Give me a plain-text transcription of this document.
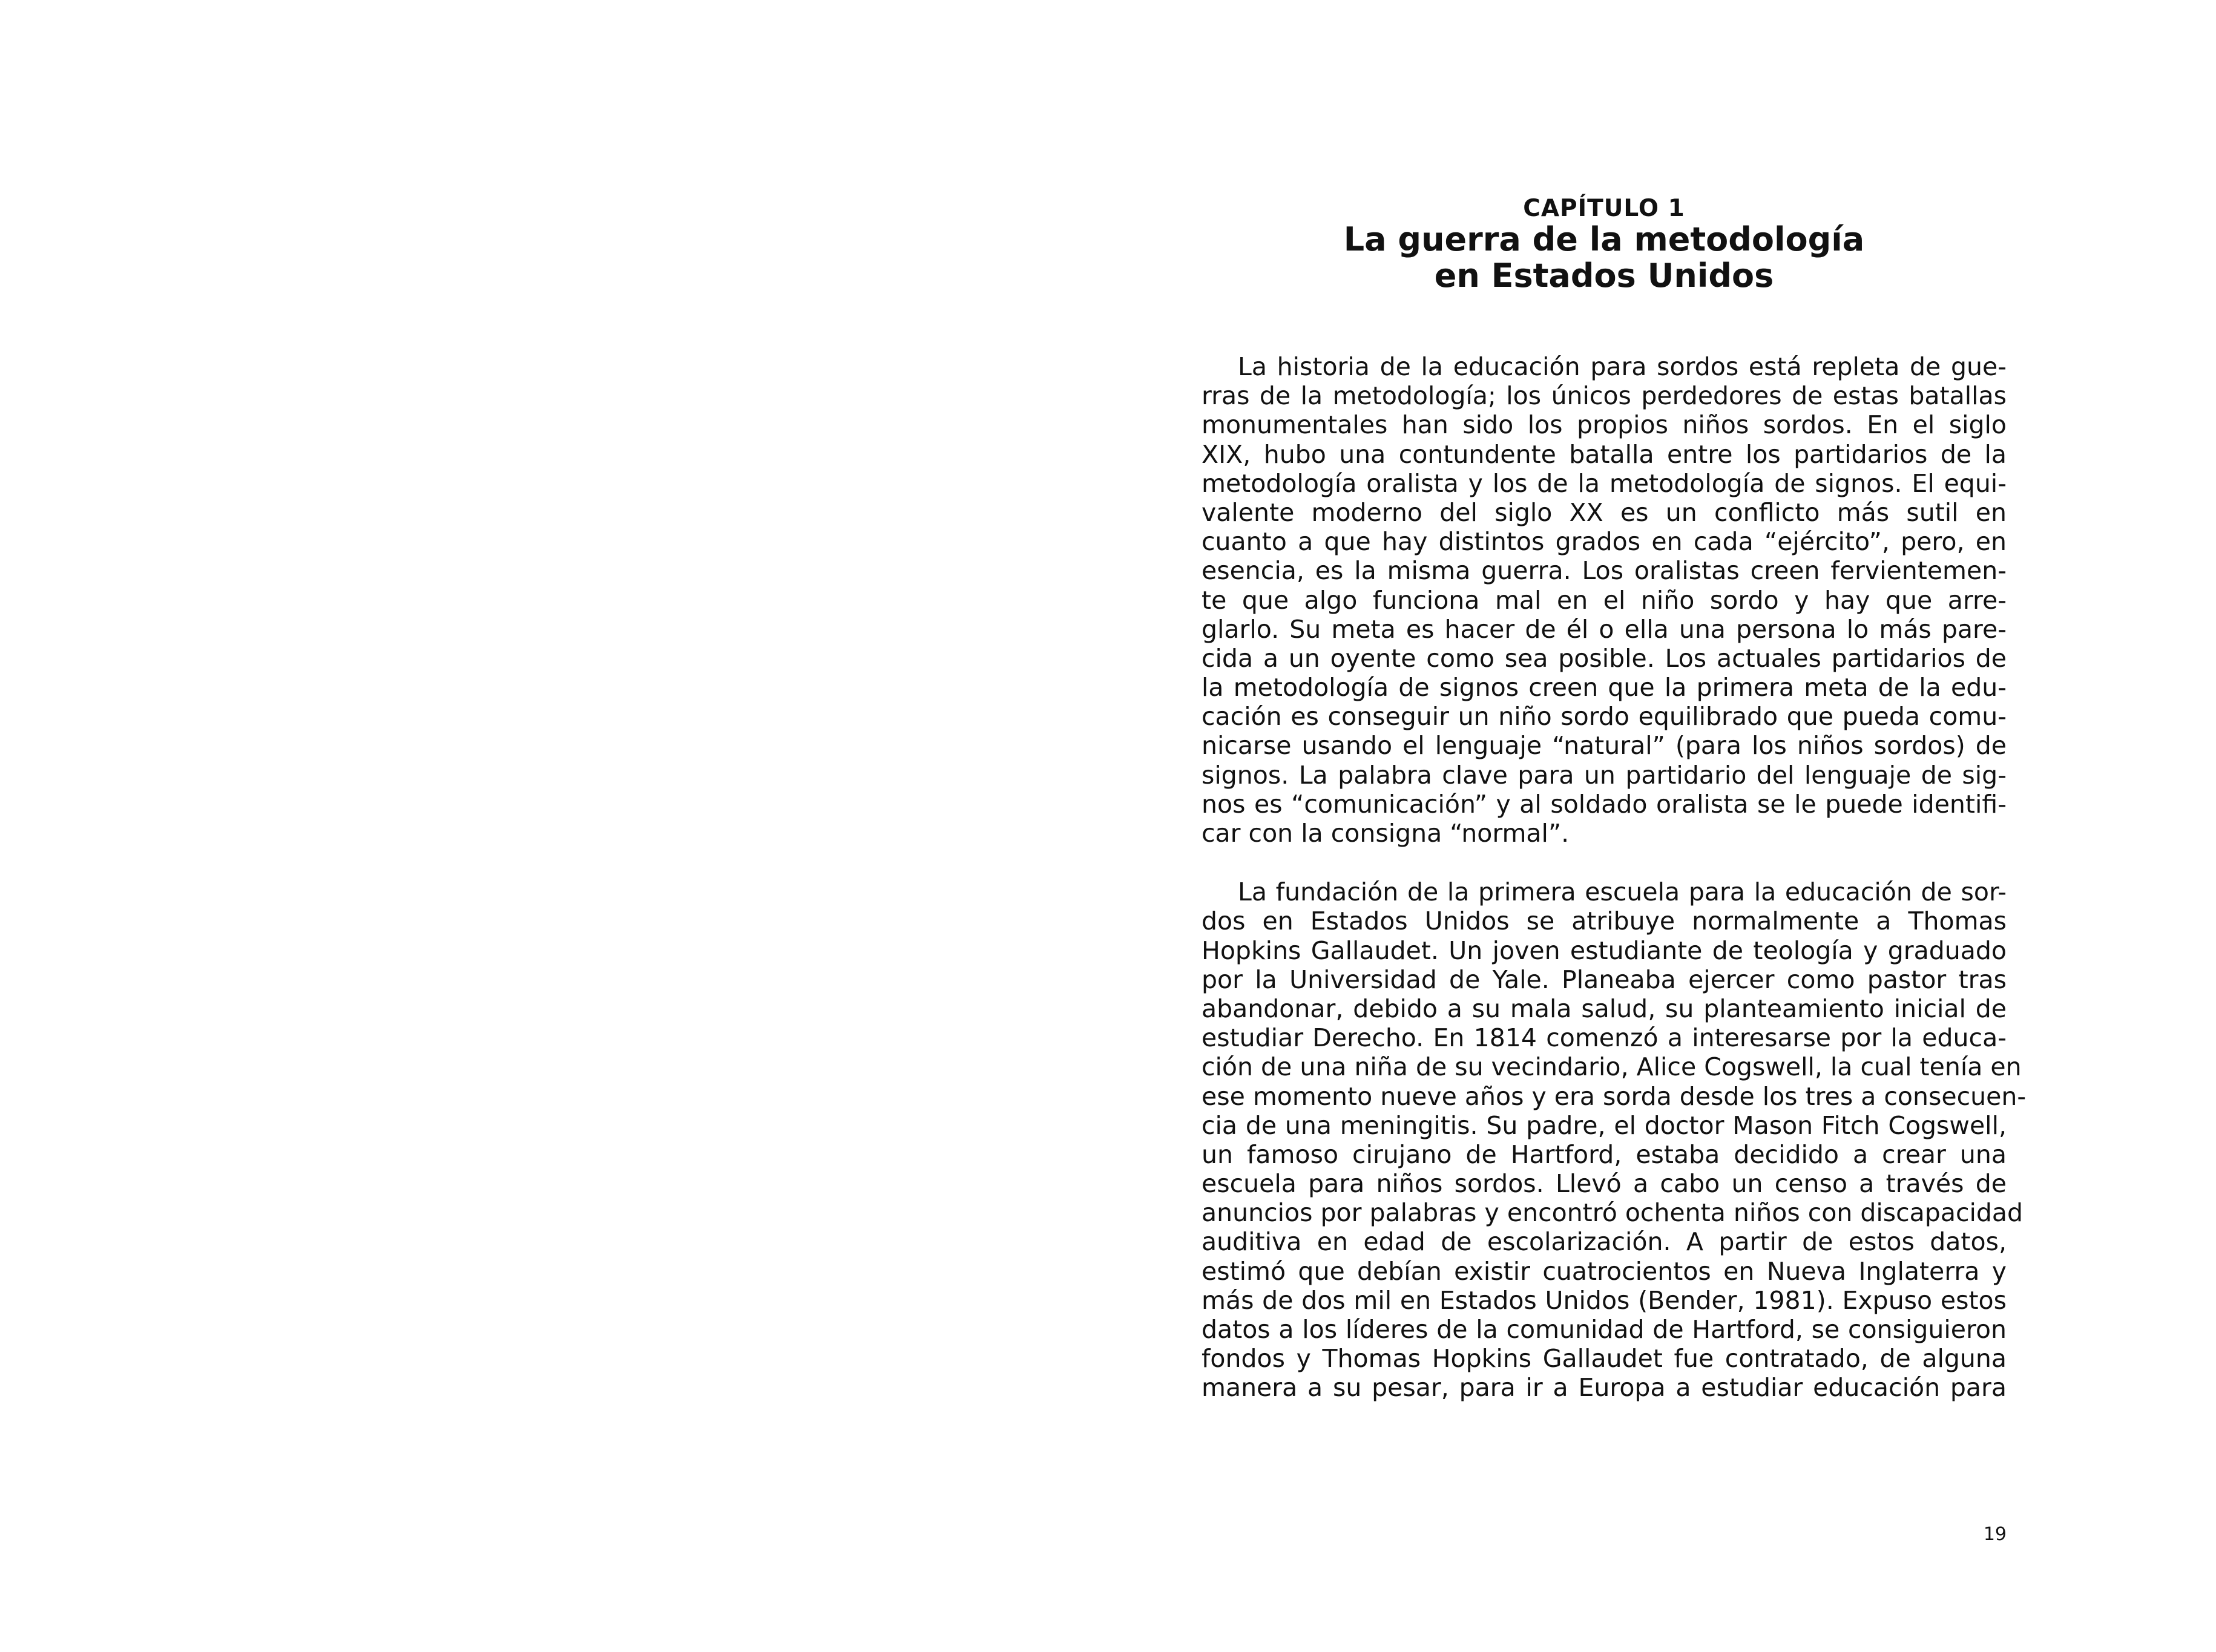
CAPÍTULO 1
La guerra de la metodología
en Estados Unidos
La historia de la educación para sordos está repleta de gue-
rras de la metodología; los únicos perdedores de estas batallas
monumentales han sido los propios niños sordos. En el siglo
XIX, hubo una contundente batalla entre los partidarios de la
metodología oralista y los de la metodología de signos. El equi-
valente moderno del siglo XX es un conflicto más sutil en
cuanto a que hay distintos grados en cada “ejército”, pero, en
esencia, es la misma guerra. Los oralistas creen fervientemen-
te que algo funciona mal en el niño sordo y hay que arre-
glarlo. Su meta es hacer de él o ella una persona lo más pare-
cida a un oyente como sea posible. Los actuales partidarios de
la metodología de signos creen que la primera meta de la edu-
cación es conseguir un niño sordo equilibrado que pueda comu-
nicarse usando el lenguaje “natural” (para los niños sordos) de
signos. La palabra clave para un partidario del lenguaje de sig-
nos es “comunicación” y al soldado oralista se le puede identifi-
car con la consigna “normal”.
La fundación de la primera escuela para la educación de sor-
dos en Estados Unidos se atribuye normalmente a Thomas
Hopkins Gallaudet. Un joven estudiante de teología y graduado
por la Universidad de Yale. Planeaba ejercer como pastor tras
abandonar, debido a su mala salud, su planteamiento inicial de
estudiar Derecho. En 1814 comenzó a interesarse por la educa-
ción de una niña de su vecindario, Alice Cogswell, la cual tenía en
ese momento nueve años y era sorda desde los tres a consecuen-
cia de una meningitis. Su padre, el doctor Mason Fitch Cogswell,
un famoso cirujano de Hartford, estaba decidido a crear una
escuela para niños sordos. Llevó a cabo un censo a través de
anuncios por palabras y encontró ochenta niños con discapacidad
auditiva en edad de escolarización. A partir de estos datos,
estimó que debían existir cuatrocientos en Nueva Inglaterra y
más de dos mil en Estados Unidos (Bender, 1981). Expuso estos
datos a los líderes de la comunidad de Hartford, se consiguieron
fondos y Thomas Hopkins Gallaudet fue contratado, de alguna
manera a su pesar, para ir a Europa a estudiar educación para
19
